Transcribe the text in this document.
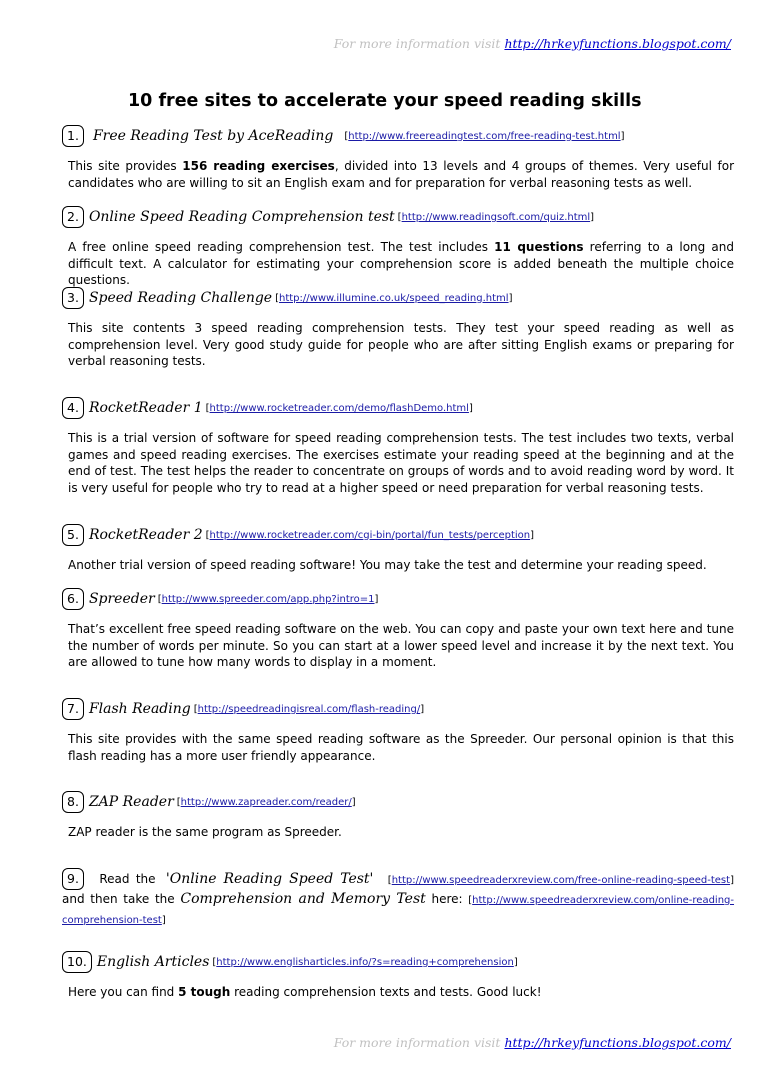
For more information visit http://hrkeyfunctions.blogspot.com/
10 free sites to accelerate your speed reading skills
1.	Free Reading Test by AceReading [http://www.freereadingtest.com/free-reading-test.html]
This site provides 156 reading exercises, divided into 13 levels and 4 groups of themes. Very useful for candidates who are willing to sit an English exam and for preparation for verbal reasoning tests as well.
2. Online Speed Reading Comprehension test [http://www.readingsoft.com/quiz.html]
A free online speed reading comprehension test. The test includes 11 questions referring to a long and difficult text. A calculator for estimating your comprehension score is added beneath the multiple choice questions.
3. Speed Reading Challenge [http://www.illumine.co.uk/speed_reading.html]
This site contents 3 speed reading comprehension tests. They test your speed reading as well as comprehension level. Very good study guide for people who are after sitting English exams or preparing for verbal reasoning tests.
4. RocketReader 1 [http://www.rocketreader.com/demo/flashDemo.html]
This is a trial version of software for speed reading comprehension tests. The test includes two texts, verbal games and speed reading exercises. The exercises estimate your reading speed at the beginning and at the end of test. The test helps the reader to concentrate on groups of words and to avoid reading word by word. It is very useful for people who try to read at a higher speed or need preparation for verbal reasoning tests.
5. RocketReader 2 [http://www.rocketreader.com/cgi-bin/portal/fun_tests/perception]
Another trial version of speed reading software! You may take the test and determine your reading speed.
6. Spreeder [http://www.spreeder.com/app.php?intro=1]
That’s excellent free speed reading software on the web. You can copy and paste your own text here and tune the number of words per minute. So you can start at a lower speed level and increase it by the next text. You are allowed to tune how many words to display in a moment.
7. Flash Reading [http://speedreadingisreal.com/flash-reading/]
This site provides with the same speed reading software as the Spreeder. Our personal opinion is that this flash reading has a more user friendly appearance.
8. ZAP Reader [http://www.zapreader.com/reader/]
ZAP reader is the same program as Spreeder.
9. Read the 'Online Reading Speed Test' [http://www.speedreaderxreview.com/free-online-reading-speed-test] and then take the Comprehension and Memory Test here: [http://www.speedreaderxreview.com/online-reading-comprehension-test]
10. English Articles [http://www.englisharticles.info/?s=reading+comprehension]
Here you can find 5 tough reading comprehension texts and tests. Good luck!
For more information visit http://hrkeyfunctions.blogspot.com/
